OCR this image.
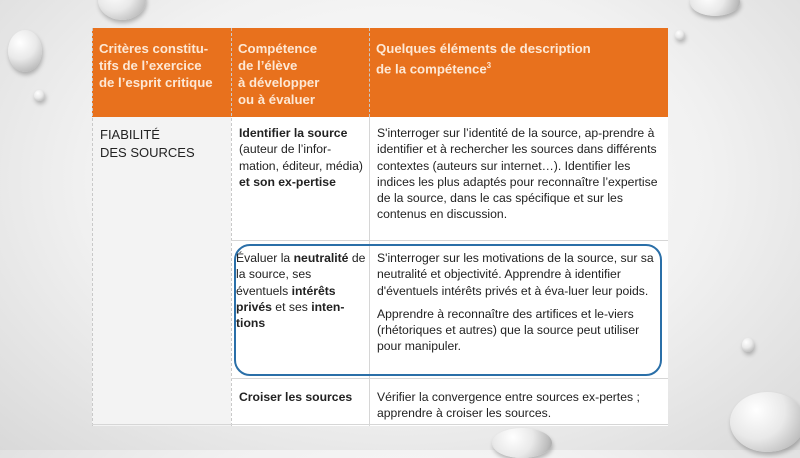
Critères constitu-
tifs de l’exercice
de l’esprit critique
Compétence
de l’élève
à développer
ou à évaluer
Quelques éléments de description
de la compétence$^3$
FIABILITÉ
DES SOURCES
Identifier la source (auteur de l’infor-mation, éditeur, média) et son ex-pertise
S'interroger sur l’identité de la source, ap-prendre à identifier et à rechercher les sources dans différents contextes (auteurs sur internet…). Identifier les indices les plus adaptés pour reconnaître l’expertise de la source, dans le cas spécifique et sur les contenus en discussion.
Évaluer la neutralité de la source, ses éventuels intérêts privés et ses inten-tions
S'interroger sur les motivations de la source, sur sa neutralité et objectivité. Apprendre à identifier d'éventuels intérêts privés et à éva-luer leur poids.
Apprendre à reconnaître des artifices et le-viers (rhétoriques et autres) que la source peut utiliser pour manipuler.
Croiser les sources	Vérifier la convergence entre sources ex-pertes ; apprendre à croiser les sources.
